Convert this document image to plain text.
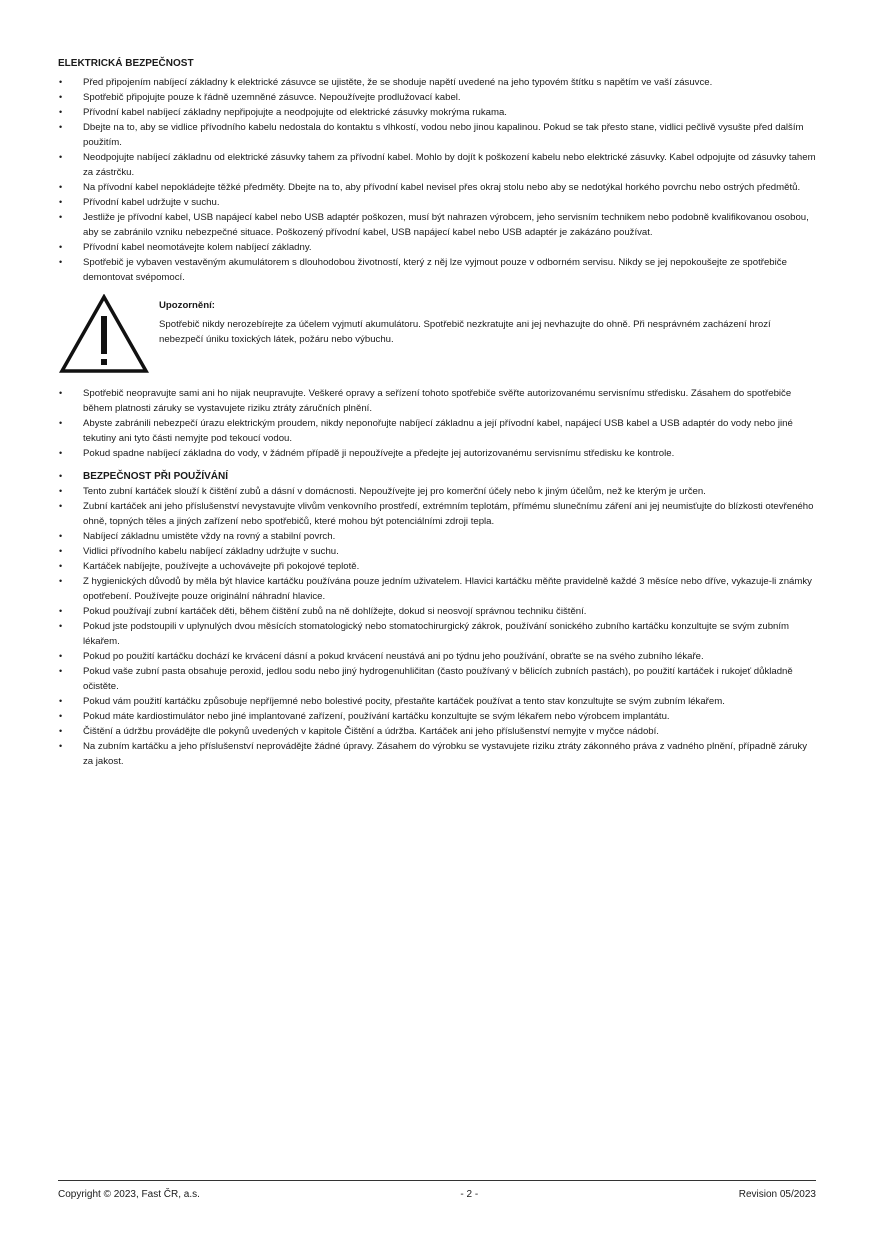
ELEKTRICKÁ BEZPEČNOST
• Před připojením nabíjecí základny k elektrické zásuvce se ujistěte, že se shoduje napětí uvedené na jeho typovém štítku s napětím ve vaší zásuvce.
• Spotřebič připojujte pouze k řádně uzemněné zásuvce. Nepoužívejte prodlužovací kabel.
• Přívodní kabel nabíjecí základny nepřipojujte a neodpojujte od elektrické zásuvky mokrýma rukama.
• Dbejte na to, aby se vidlice přívodního kabelu nedostala do kontaktu s vlhkostí, vodou nebo jinou kapalinou. Pokud se tak přesto stane, vidlici pečlivě vysušte před dalším použitím.
• Neodpojujte nabíjecí základnu od elektrické zásuvky tahem za přívodní kabel. Mohlo by dojít k poškození kabelu nebo elektrické zásuvky. Kabel odpojujte od zásuvky tahem za zástrčku.
• Na přívodní kabel nepokládejte těžké předměty. Dbejte na to, aby přívodní kabel nevisel přes okraj stolu nebo aby se nedotýkal horkého povrchu nebo ostrých předmětů.
• Přívodní kabel udržujte v suchu.
• Jestliže je přívodní kabel, USB napájecí kabel nebo USB adaptér poškozen, musí být nahrazen výrobcem, jeho servisním technikem nebo podobně kvalifikovanou osobou, aby se zabránilo vzniku nebezpečné situace. Poškozený přívodní kabel, USB napájecí kabel nebo USB adaptér je zakázáno používat.
• Přívodní kabel neomotávejte kolem nabíjecí základny.
• Spotřebič je vybaven vestavěným akumulátorem s dlouhodobou životností, který z něj lze vyjmout pouze v odborném servisu. Nikdy se jej nepokoušejte ze spotřebiče demontovat svépomocí.

Upozornění:

Spotřebič nikdy nerozebírejte za účelem vyjmutí akumulátoru. Spotřebič nezkratujte ani jej nevhazujte do ohně. Při nesprávném zacházení hrozí nebezpečí úniku toxických látek, požáru nebo výbuchu.

• Spotřebič neopravujte sami ani ho nijak neupravujte. Veškeré opravy a seřízení tohoto spotřebiče svěřte autorizovanému servisnímu středisku. Zásahem do spotřebiče během platnosti záruky se vystavujete riziku ztráty záručních plnění.
• Abyste zabránili nebezpečí úrazu elektrickým proudem, nikdy neponořujte nabíjecí základnu a její přívodní kabel, napájecí USB kabel a USB adaptér do vody nebo jiné tekutiny ani tyto části nemyjte pod tekoucí vodou.
• Pokud spadne nabíjecí základna do vody, v žádném případě ji nepoužívejte a předejte jej autorizovanému servisnímu středisku ke kontrole.
• BEZPEČNOST PŘI POUŽÍVÁNÍ
• Tento zubní kartáček slouží k čištění zubů a dásní v domácnosti. Nepoužívejte jej pro komerční účely nebo k jiným účelům, než ke kterým je určen.
• Zubní kartáček ani jeho příslušenství nevystavujte vlivům venkovního prostředí, extrémním teplotám, přímému slunečnímu záření ani jej neumisťujte do blízkosti otevřeného ohně, topných těles a jiných zařízení nebo spotřebičů, které mohou být potenciálními zdroji tepla.
• Nabíjecí základnu umistěte vždy na rovný a stabilní povrch.
• Vidlici přívodního kabelu nabíjecí základny udržujte v suchu.
• Kartáček nabíjejte, používejte a uchovávejte při pokojové teplotě.
• Z hygienických důvodů by měla být hlavice kartáčku používána pouze jedním uživatelem. Hlavici kartáčku měňte pravidelně každé 3 měsíce nebo dříve, vykazuje-li známky opotřebení. Používejte pouze originální náhradní hlavice.
• Pokud používají zubní kartáček děti, během čištění zubů na ně dohlížejte, dokud si neosvojí správnou techniku čištění.
• Pokud jste podstoupili v uplynulých dvou měsících stomatologický nebo stomatochirurgický zákrok, používání sonického zubního kartáčku konzultujte se svým zubním lékařem.
• Pokud po použití kartáčku dochází ke krvácení dásní a pokud krvácení neustává ani po týdnu jeho používání, obraťte se na svého zubního lékaře.
• Pokud vaše zubní pasta obsahuje peroxid, jedlou sodu nebo jiný hydrogenuhličitan (často používaný v bělicích zubních pastách), po použití kartáček i rukojeť důkladně očistěte.
• Pokud vám použití kartáčku způsobuje nepříjemné nebo bolestivé pocity, přestaňte kartáček používat a tento stav konzultujte se svým zubním lékařem.
• Pokud máte kardiostimulátor nebo jiné implantované zařízení, používání kartáčku konzultujte se svým lékařem nebo výrobcem implantátu.
• Čištění a údržbu provádějte dle pokynů uvedených v kapitole Čištění a údržba. Kartáček ani jeho příslušenství nemyjte v myčce nádobí.
• Na zubním kartáčku a jeho příslušenství neprovádějte žádné úpravy. Zásahem do výrobku se vystavujete riziku ztráty zákonného práva z vadného plnění, případně záruky za jakost.
Copyright © 2023, Fast ČR, a.s.	- 2 -	Revision 05/2023
